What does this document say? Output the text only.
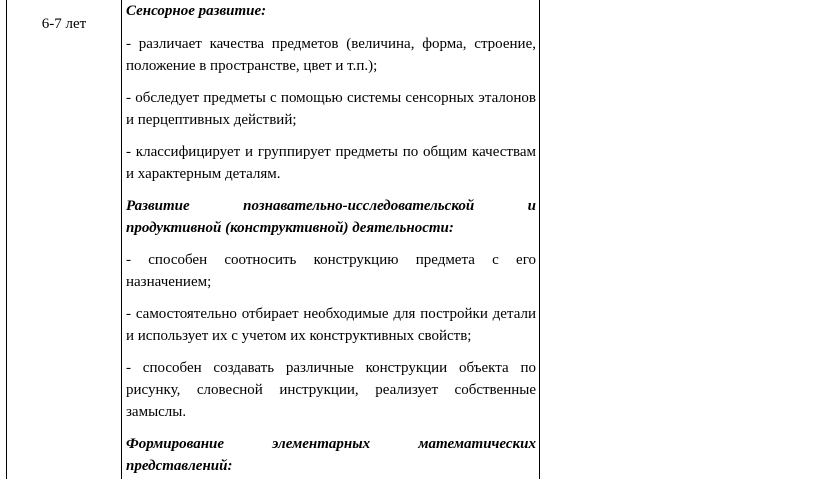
6-7 лет

Сенсорное развитие:

- различает качества предметов (величина, форма, строение, положение в пространстве, цвет и т.п.);

- обследует предметы с помощью системы сенсорных эталонов и перцептивных действий;

- классифицирует и группирует предметы по общим качествам и характерным деталям.

Развитие познавательно-исследовательской и
продуктивной (конструктивной) деятельности:

- способен соотносить конструкцию предмета с его назначением;

- самостоятельно отбирает необходимые для постройки детали и использует их с учетом их конструктивных свойств;

- способен создавать различные конструкции объекта по рисунку, словесной инструкции, реализует собственные замыслы.

Формирование элементарных математических
представлений:
